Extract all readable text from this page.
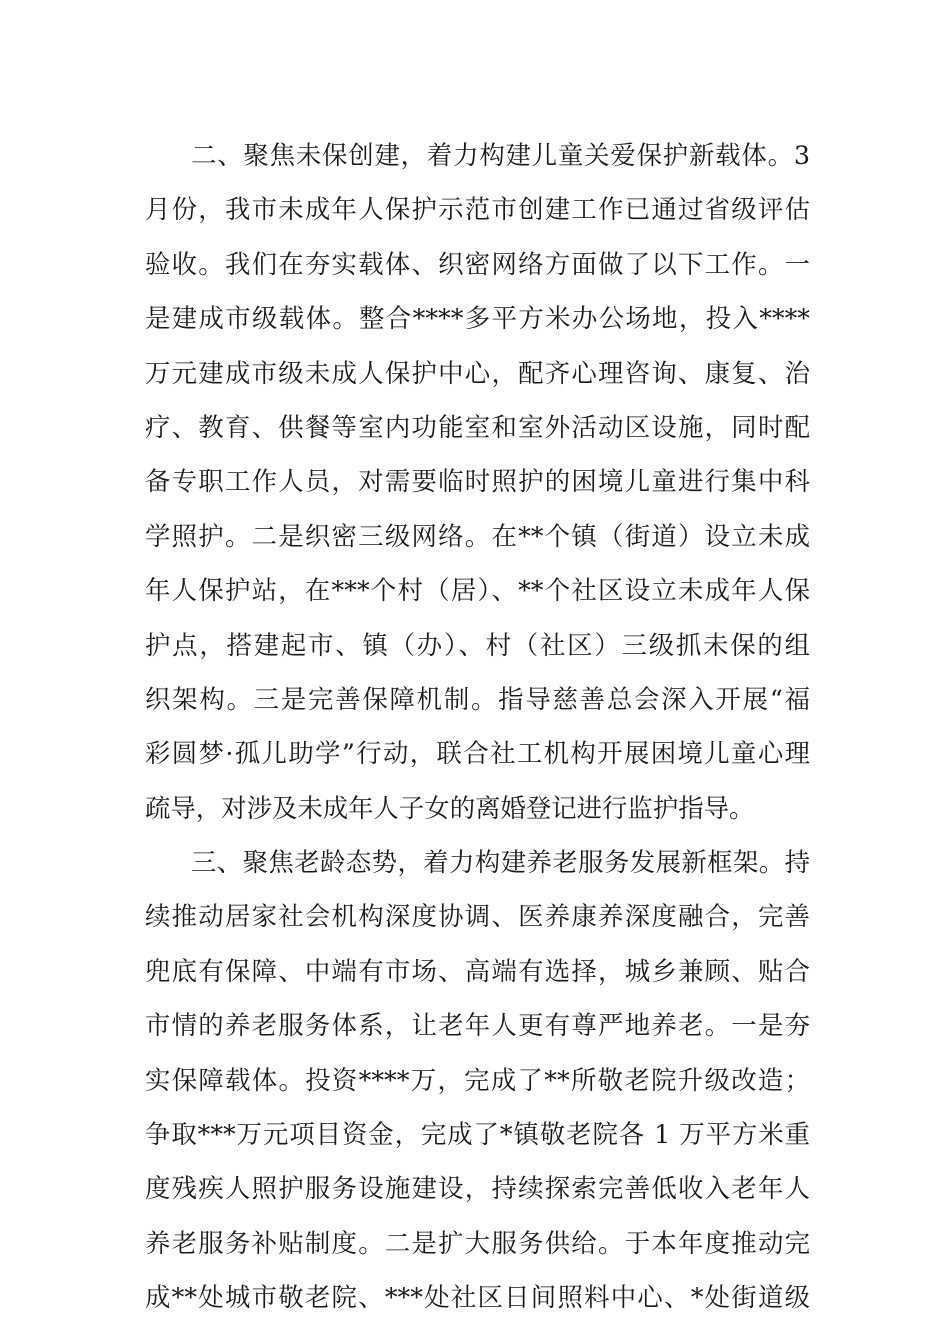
二、聚焦未保创建，着力构建儿童关爱保护新载体。3
月份，我市未成年人保护示范市创建工作已通过省级评估
验收。我们在夯实载体、织密网络方面做了以下工作。一
是建成市级载体。整合****多平方米办公场地，投入****
万元建成市级未成人保护中心，配齐心理咨询、康复、治
疗、教育、供餐等室内功能室和室外活动区设施，同时配
备专职工作人员，对需要临时照护的困境儿童进行集中科
学照护。二是织密三级网络。在**个镇（街道）设立未成
年人保护站，在***个村（居）、**个社区设立未成年人保
护点，搭建起市、镇（办）、村（社区）三级抓未保的组
织架构。三是完善保障机制。指导慈善总会深入开展“福
彩圆梦·孤儿助学”行动，联合社工机构开展困境儿童心理
疏导，对涉及未成年人子女的离婚登记进行监护指导。
三、聚焦老龄态势，着力构建养老服务发展新框架。持
续推动居家社会机构深度协调、医养康养深度融合，完善
兜底有保障、中端有市场、高端有选择，城乡兼顾、贴合
市情的养老服务体系，让老年人更有尊严地养老。一是夯
实保障载体。投资****万，完成了**所敬老院升级改造；
争取***万元项目资金，完成了*镇敬老院各 1 万平方米重
度残疾人照护服务设施建设，持续探索完善低收入老年人
养老服务补贴制度。二是扩大服务供给。于本年度推动完
成**处城市敬老院、***处社区日间照料中心、*处街道级
